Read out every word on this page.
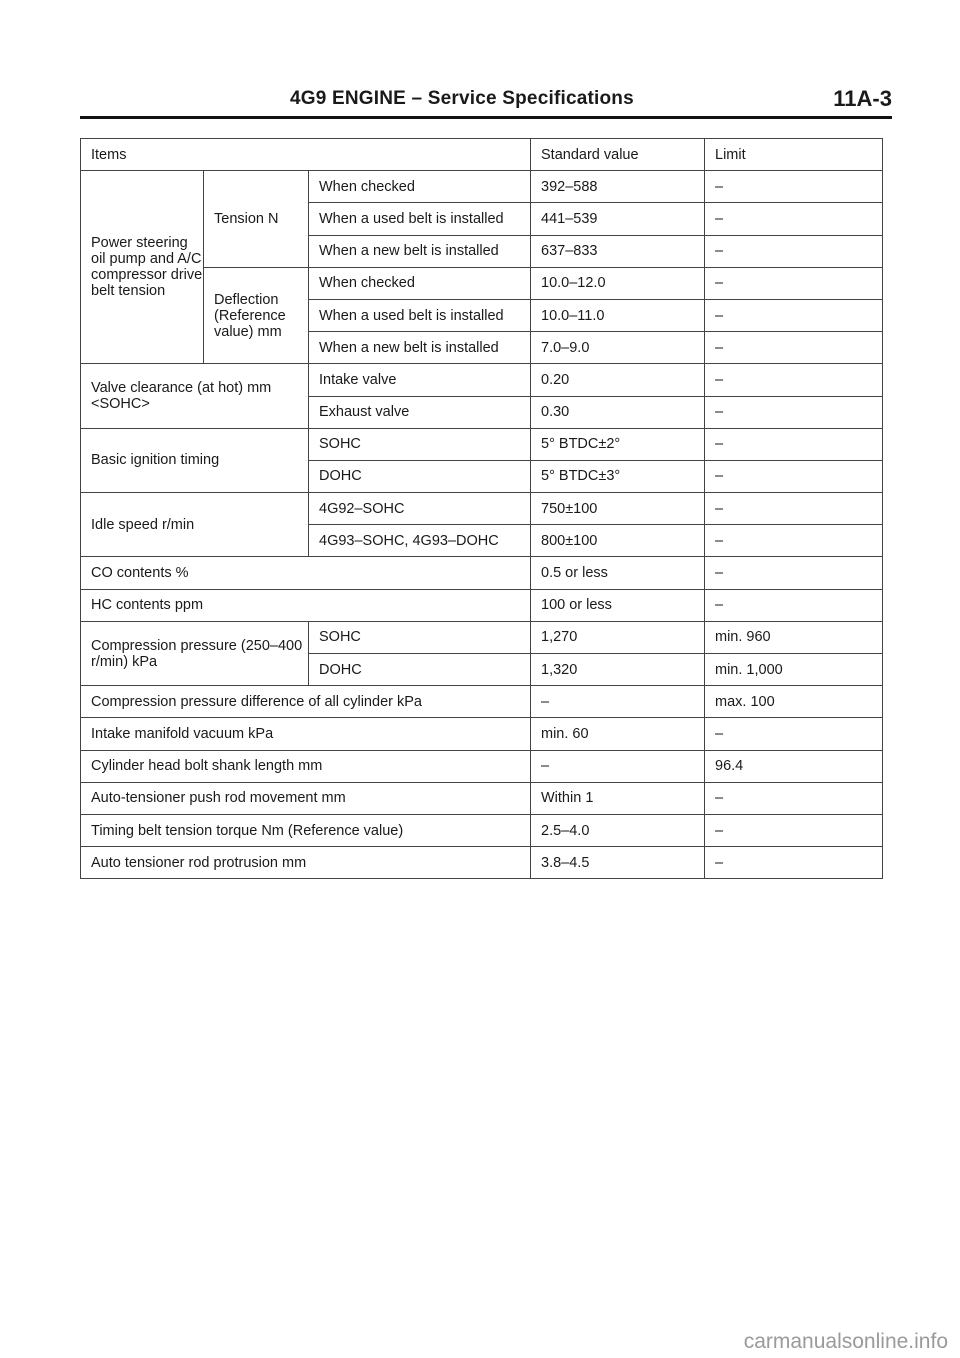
4G9 ENGINE – Service Specifications	11A-3
Items			Standard value	Limit
Power steering oil pump and A/C compressor drive belt tension	Tension N	When checked	392–588	–
		When a used belt is installed	441–539	–
		When a new belt is installed	637–833	–
	Deflection (Reference value) mm	When checked	10.0–12.0	–
		When a used belt is installed	10.0–11.0	–
		When a new belt is installed	7.0–9.0	–
Valve clearance (at hot) mm <SOHC>		Intake valve	0.20	–
		Exhaust valve	0.30	–
Basic ignition timing		SOHC	5° BTDC±2°	–
		DOHC	5° BTDC±3°	–
Idle speed r/min		4G92–SOHC	750±100	–
		4G93–SOHC, 4G93–DOHC	800±100	–
CO contents %			0.5 or less	–
HC contents ppm			100 or less	–
Compression pressure (250–400 r/min) kPa		SOHC	1,270	min. 960
		DOHC	1,320	min. 1,000
Compression pressure difference of all cylinder kPa			–	max. 100
Intake manifold vacuum kPa			min. 60	–
Cylinder head bolt shank length mm			–	96.4
Auto-tensioner push rod movement mm			Within 1	–
Timing belt tension torque Nm (Reference value)			2.5–4.0	–
Auto tensioner rod protrusion mm			3.8–4.5	–
carmanualsonline.info
